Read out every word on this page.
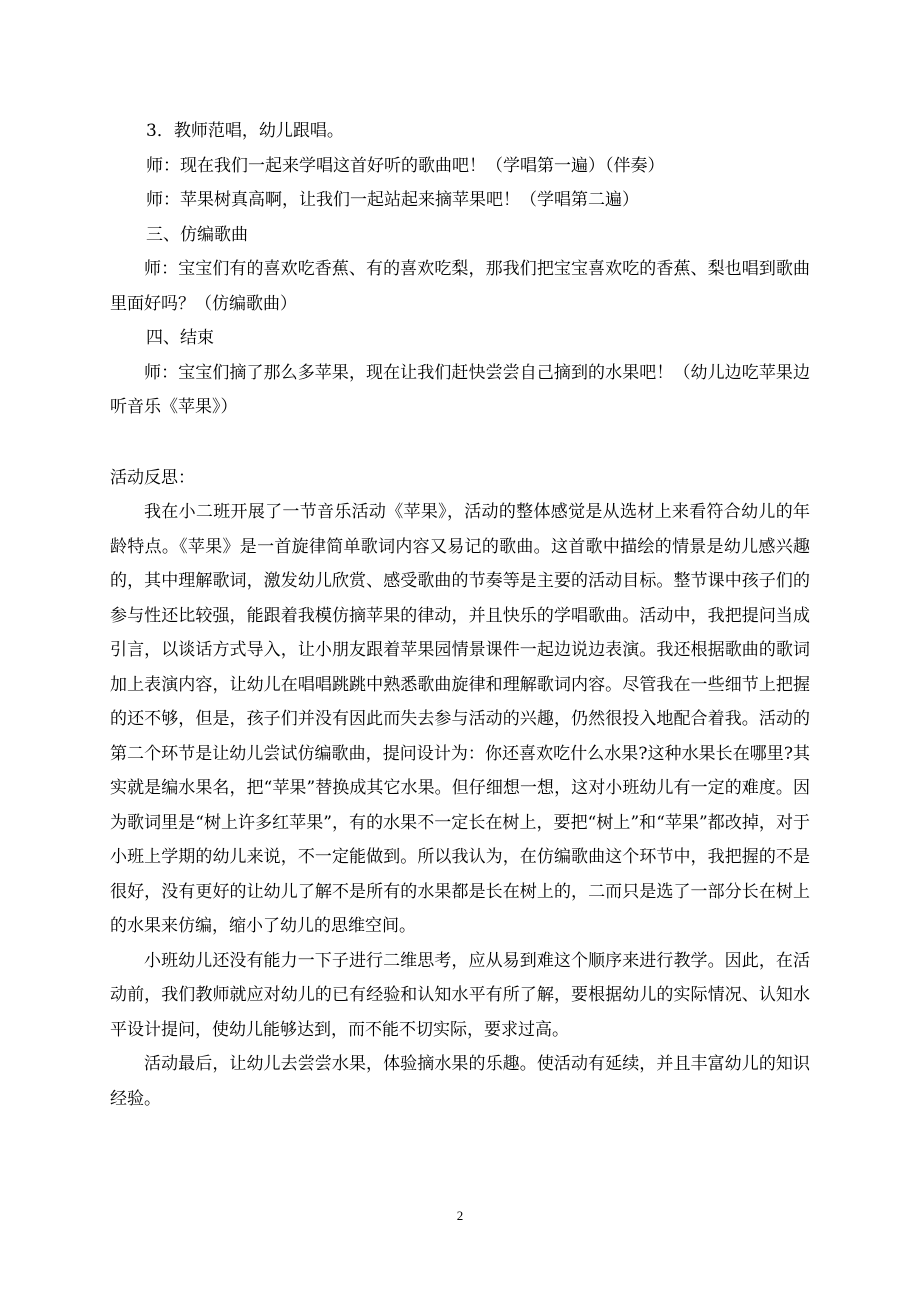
3．教师范唱，幼儿跟唱。

师：现在我们一起来学唱这首好听的歌曲吧！（学唱第一遍）（伴奏）

师：苹果树真高啊，让我们一起站起来摘苹果吧！（学唱第二遍）

三、仿编歌曲

师：宝宝们有的喜欢吃香蕉、有的喜欢吃梨，那我们把宝宝喜欢吃的香蕉、梨也唱到歌曲里面好吗？（仿编歌曲）

四、结束

师：宝宝们摘了那么多苹果，现在让我们赶快尝尝自己摘到的水果吧！（幼儿边吃苹果边听音乐《苹果》）

活动反思：

我在小二班开展了一节音乐活动《苹果》，活动的整体感觉是从选材上来看符合幼儿的年龄特点。《苹果》是一首旋律简单歌词内容又易记的歌曲。这首歌中描绘的情景是幼儿感兴趣的，其中理解歌词，激发幼儿欣赏、感受歌曲的节奏等是主要的活动目标。整节课中孩子们的参与性还比较强，能跟着我模仿摘苹果的律动，并且快乐的学唱歌曲。活动中，我把提问当成引言，以谈话方式导入，让小朋友跟着苹果园情景课件一起边说边表演。我还根据歌曲的歌词加上表演内容，让幼儿在唱唱跳跳中熟悉歌曲旋律和理解歌词内容。尽管我在一些细节上把握的还不够，但是，孩子们并没有因此而失去参与活动的兴趣，仍然很投入地配合着我。活动的第二个环节是让幼儿尝试仿编歌曲，提问设计为：你还喜欢吃什么水果?这种水果长在哪里?其实就是编水果名，把“苹果”替换成其它水果。但仔细想一想，这对小班幼儿有一定的难度。因为歌词里是“树上许多红苹果”，有的水果不一定长在树上，要把“树上”和“苹果”都改掉，对于小班上学期的幼儿来说，不一定能做到。所以我认为，在仿编歌曲这个环节中，我把握的不是很好，没有更好的让幼儿了解不是所有的水果都是长在树上的，二而只是选了一部分长在树上的水果来仿编，缩小了幼儿的思维空间。

小班幼儿还没有能力一下子进行二维思考，应从易到难这个顺序来进行教学。因此，在活动前，我们教师就应对幼儿的已有经验和认知水平有所了解，要根据幼儿的实际情况、认知水平设计提问，使幼儿能够达到，而不能不切实际，要求过高。

活动最后，让幼儿去尝尝水果，体验摘水果的乐趣。使活动有延续，并且丰富幼儿的知识经验。

2
